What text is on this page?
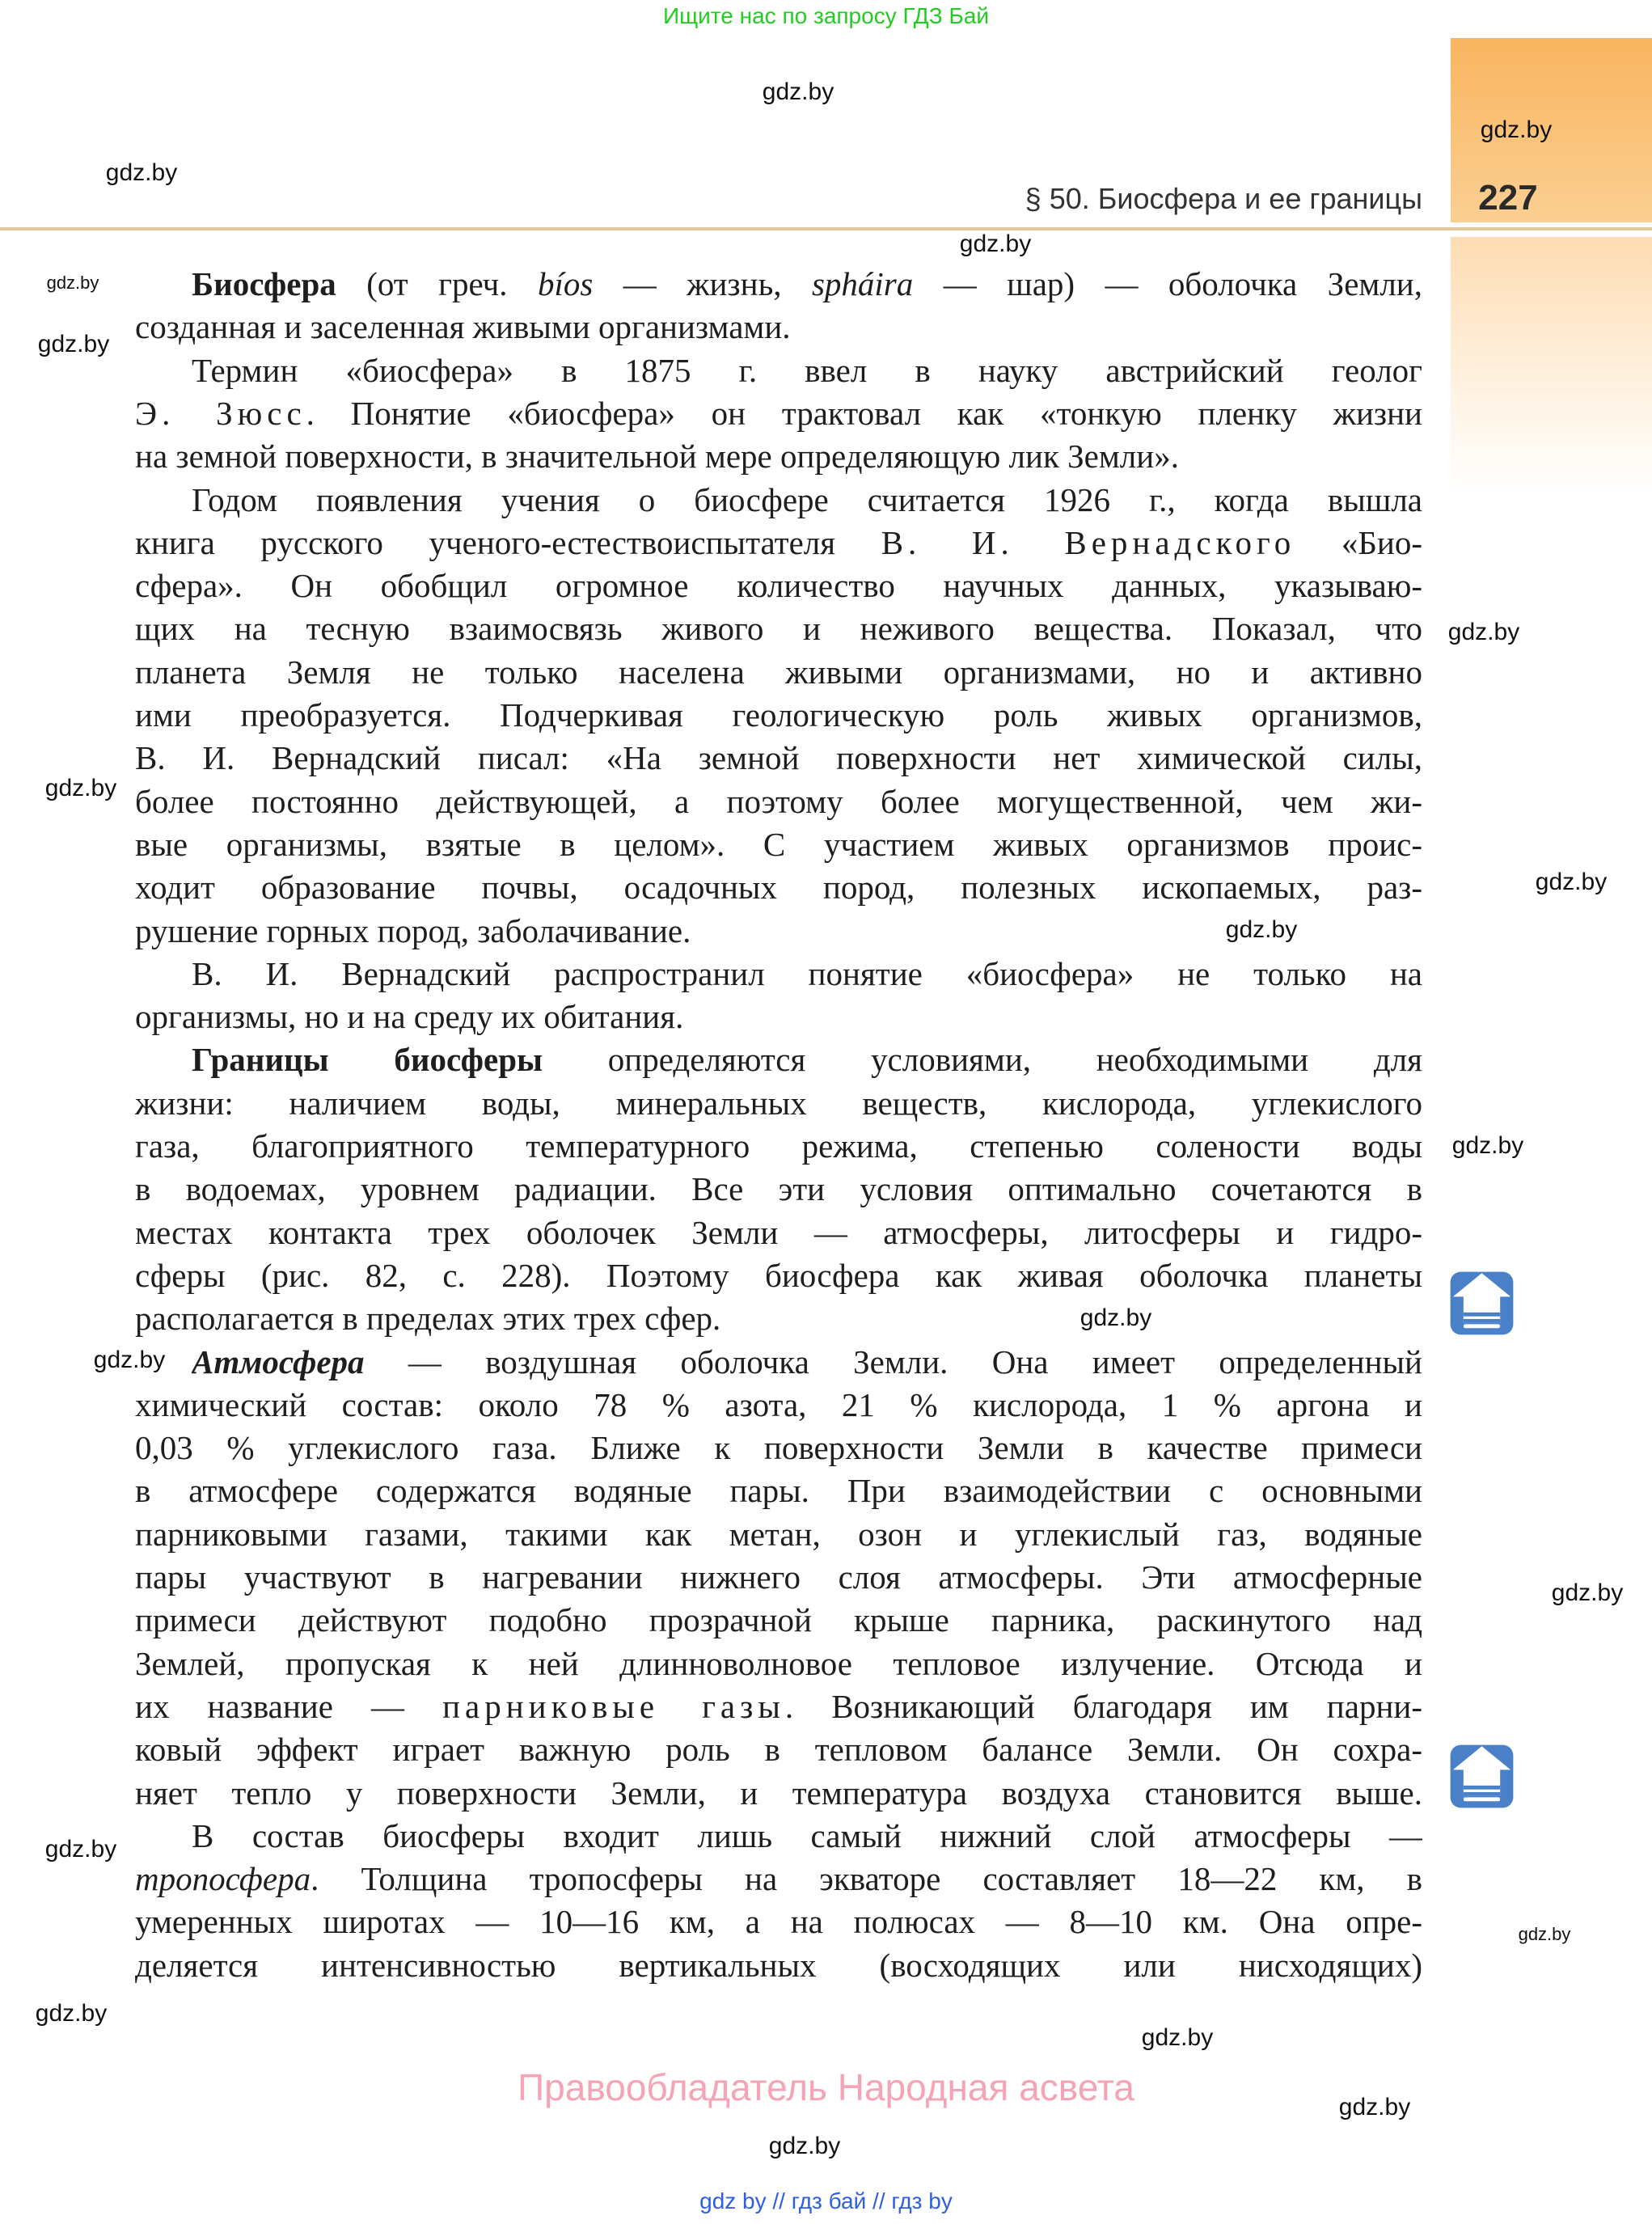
Ищите нас по запросу ГДЗ Бай
227
§ 50. Биосфера и ее границы
Биосфера (от греч. bíos — жизнь, spháira — шар) — оболочка Земли,
созданная и заселенная живыми организмами.
Термин «биосфера» в 1875 г. ввел в науку австрийский геолог
Э. Зюсс. Понятие «биосфера» он трактовал как «тонкую пленку жизни
на земной поверхности, в значительной мере определяющую лик Земли».
Годом появления учения о биосфере считается 1926 г., когда вышла
книга русского ученого-естествоиспытателя В. И. Вернадского «Био-
сфера». Он обобщил огромное количество научных данных, указываю-
щих на тесную взаимосвязь живого и неживого вещества. Показал, что
планета Земля не только населена живыми организмами, но и активно
ими преобразуется. Подчеркивая геологическую роль живых организмов,
В. И. Вернадский писал: «На земной поверхности нет химической силы,
более постоянно действующей, а поэтому более могущественной, чем жи-
вые организмы, взятые в целом». С участием живых организмов проис-
ходит образование почвы, осадочных пород, полезных ископаемых, раз-
рушение горных пород, заболачивание.
В. И. Вернадский распространил понятие «биосфера» не только на
организмы, но и на среду их обитания.
Границы биосферы определяются условиями, необходимыми для
жизни: наличием воды, минеральных веществ, кислорода, углекислого
газа, благоприятного температурного режима, степенью солености воды
в водоемах, уровнем радиации. Все эти условия оптимально сочетаются в
местах контакта трех оболочек Земли — атмосферы, литосферы и гидро-
сферы (рис. 82, с. 228). Поэтому биосфера как живая оболочка планеты
располагается в пределах этих трех сфер.
Атмосфера — воздушная оболочка Земли. Она имеет определенный
химический состав: около 78 % азота, 21 % кислорода, 1 % аргона и
0,03 % углекислого газа. Ближе к поверхности Земли в качестве примеси
в атмосфере содержатся водяные пары. При взаимодействии с основными
парниковыми газами, такими как метан, озон и углекислый газ, водяные
пары участвуют в нагревании нижнего слоя атмосферы. Эти атмосферные
примеси действуют подобно прозрачной крыше парника, раскинутого над
Землей, пропуская к ней длинноволновое тепловое излучение. Отсюда и
их название — парниковые газы. Возникающий благодаря им парни-
ковый эффект играет важную роль в тепловом балансе Земли. Он сохра-
няет тепло у поверхности Земли, и температура воздуха становится выше.
В состав биосферы входит лишь самый нижний слой атмосферы —
тропосфера. Толщина тропосферы на экваторе составляет 18—22 км, в
умеренных широтах — 10—16 км, а на полюсах — 8—10 км. Она опре-
деляется интенсивностью вертикальных (восходящих или нисходящих)
gdz.by
gdz.by
gdz.by
gdz.by
gdz.by
gdz.by
gdz.by
gdz.by
gdz.by
gdz.by
gdz.by
gdz.by
gdz.by
gdz.by
gdz.by
gdz.by
gdz.by
gdz.by
gdz.by
gdz.by
Правообладатель Народная асвета
gdz by // гдз бай // гдз by
